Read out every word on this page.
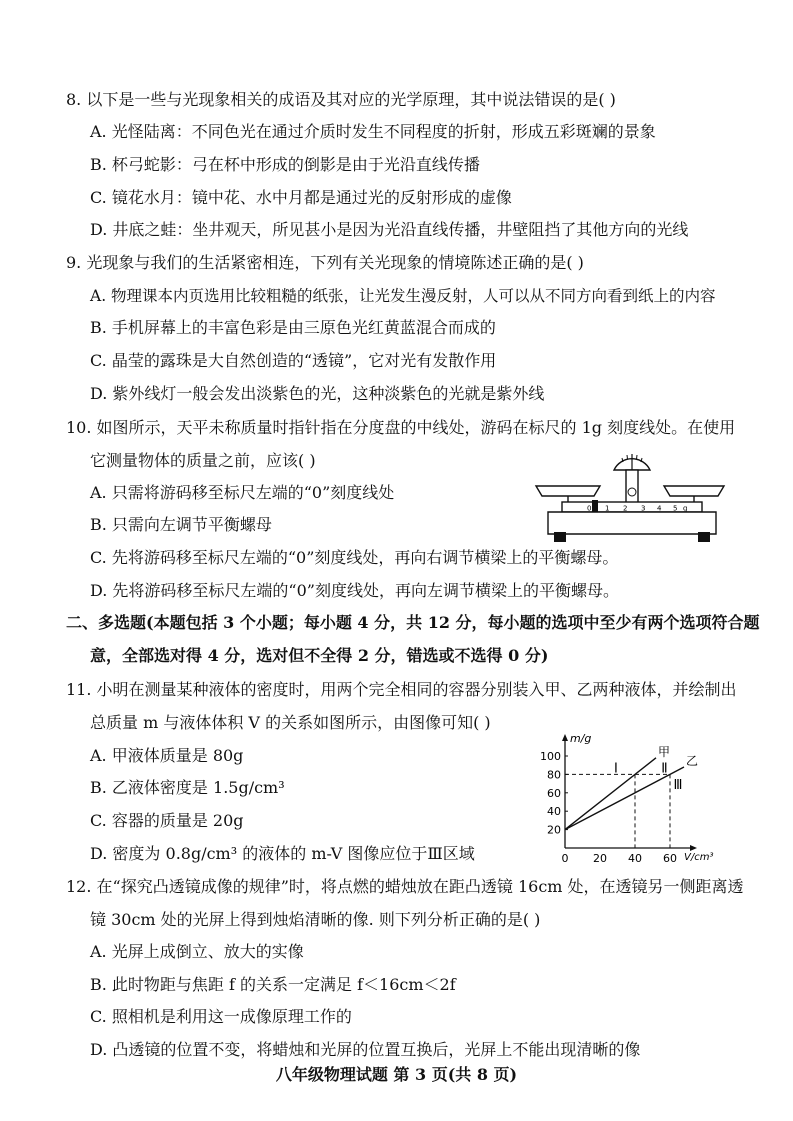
8. 以下是一些与光现象相关的成语及其对应的光学原理，其中说法错误的是( )
A. 光怪陆离：不同色光在通过介质时发生不同程度的折射，形成五彩斑斓的景象
B. 杯弓蛇影：弓在杯中形成的倒影是由于光沿直线传播
C. 镜花水月：镜中花、水中月都是通过光的反射形成的虚像
D. 井底之蛙：坐井观天，所见甚小是因为光沿直线传播，井壁阻挡了其他方向的光线
9. 光现象与我们的生活紧密相连，下列有关光现象的情境陈述正确的是( )
A. 物理课本内页选用比较粗糙的纸张，让光发生漫反射，人可以从不同方向看到纸上的内容
B. 手机屏幕上的丰富色彩是由三原色光红黄蓝混合而成的
C. 晶莹的露珠是大自然创造的“透镜”，它对光有发散作用
D. 紫外线灯一般会发出淡紫色的光，这种淡紫色的光就是紫外线
10. 如图所示，天平未称质量时指针指在分度盘的中线处，游码在标尺的 1g 刻度线处。在使用
它测量物体的质量之前，应该( )
A. 只需将游码移至标尺左端的“0”刻度线处
B. 只需向左调节平衡螺母
C. 先将游码移至标尺左端的“0”刻度线处，再向右调节横梁上的平衡螺母。
D. 先将游码移至标尺左端的“0”刻度线处，再向左调节横梁上的平衡螺母。
0 1 2 3 4 5 g
二、多选题(本题包括 3 个小题；每小题 4 分，共 12 分，每小题的选项中至少有两个选项符合题
意，全部选对得 4 分，选对但不全得 2 分，错选或不选得 0 分)
11. 小明在测量某种液体的密度时，用两个完全相同的容器分别装入甲、乙两种液体，并绘制出
总质量 m 与液体体积 V 的关系如图所示，由图像可知( )
A. 甲液体质量是 80g
B. 乙液体密度是 1.5g/cm³
C. 容器的质量是 20g
D. 密度为 0.8g/cm³ 的液体的 m-V 图像应位于Ⅲ区域
m/g
V/cm³
0 20 40 60
20
40
60
80
100	甲
乙
Ⅰ	Ⅱ
Ⅲ
12. 在“探究凸透镜成像的规律”时，将点燃的蜡烛放在距凸透镜 16cm 处，在透镜另一侧距离透
镜 30cm 处的光屏上得到烛焰清晰的像. 则下列分析正确的是( )
A. 光屏上成倒立、放大的实像
B. 此时物距与焦距 f 的关系一定满足 f＜16cm＜2f
C. 照相机是利用这一成像原理工作的
D. 凸透镜的位置不变，将蜡烛和光屏的位置互换后，光屏上不能出现清晰的像
八年级物理试题 第 3 页(共 8 页)
